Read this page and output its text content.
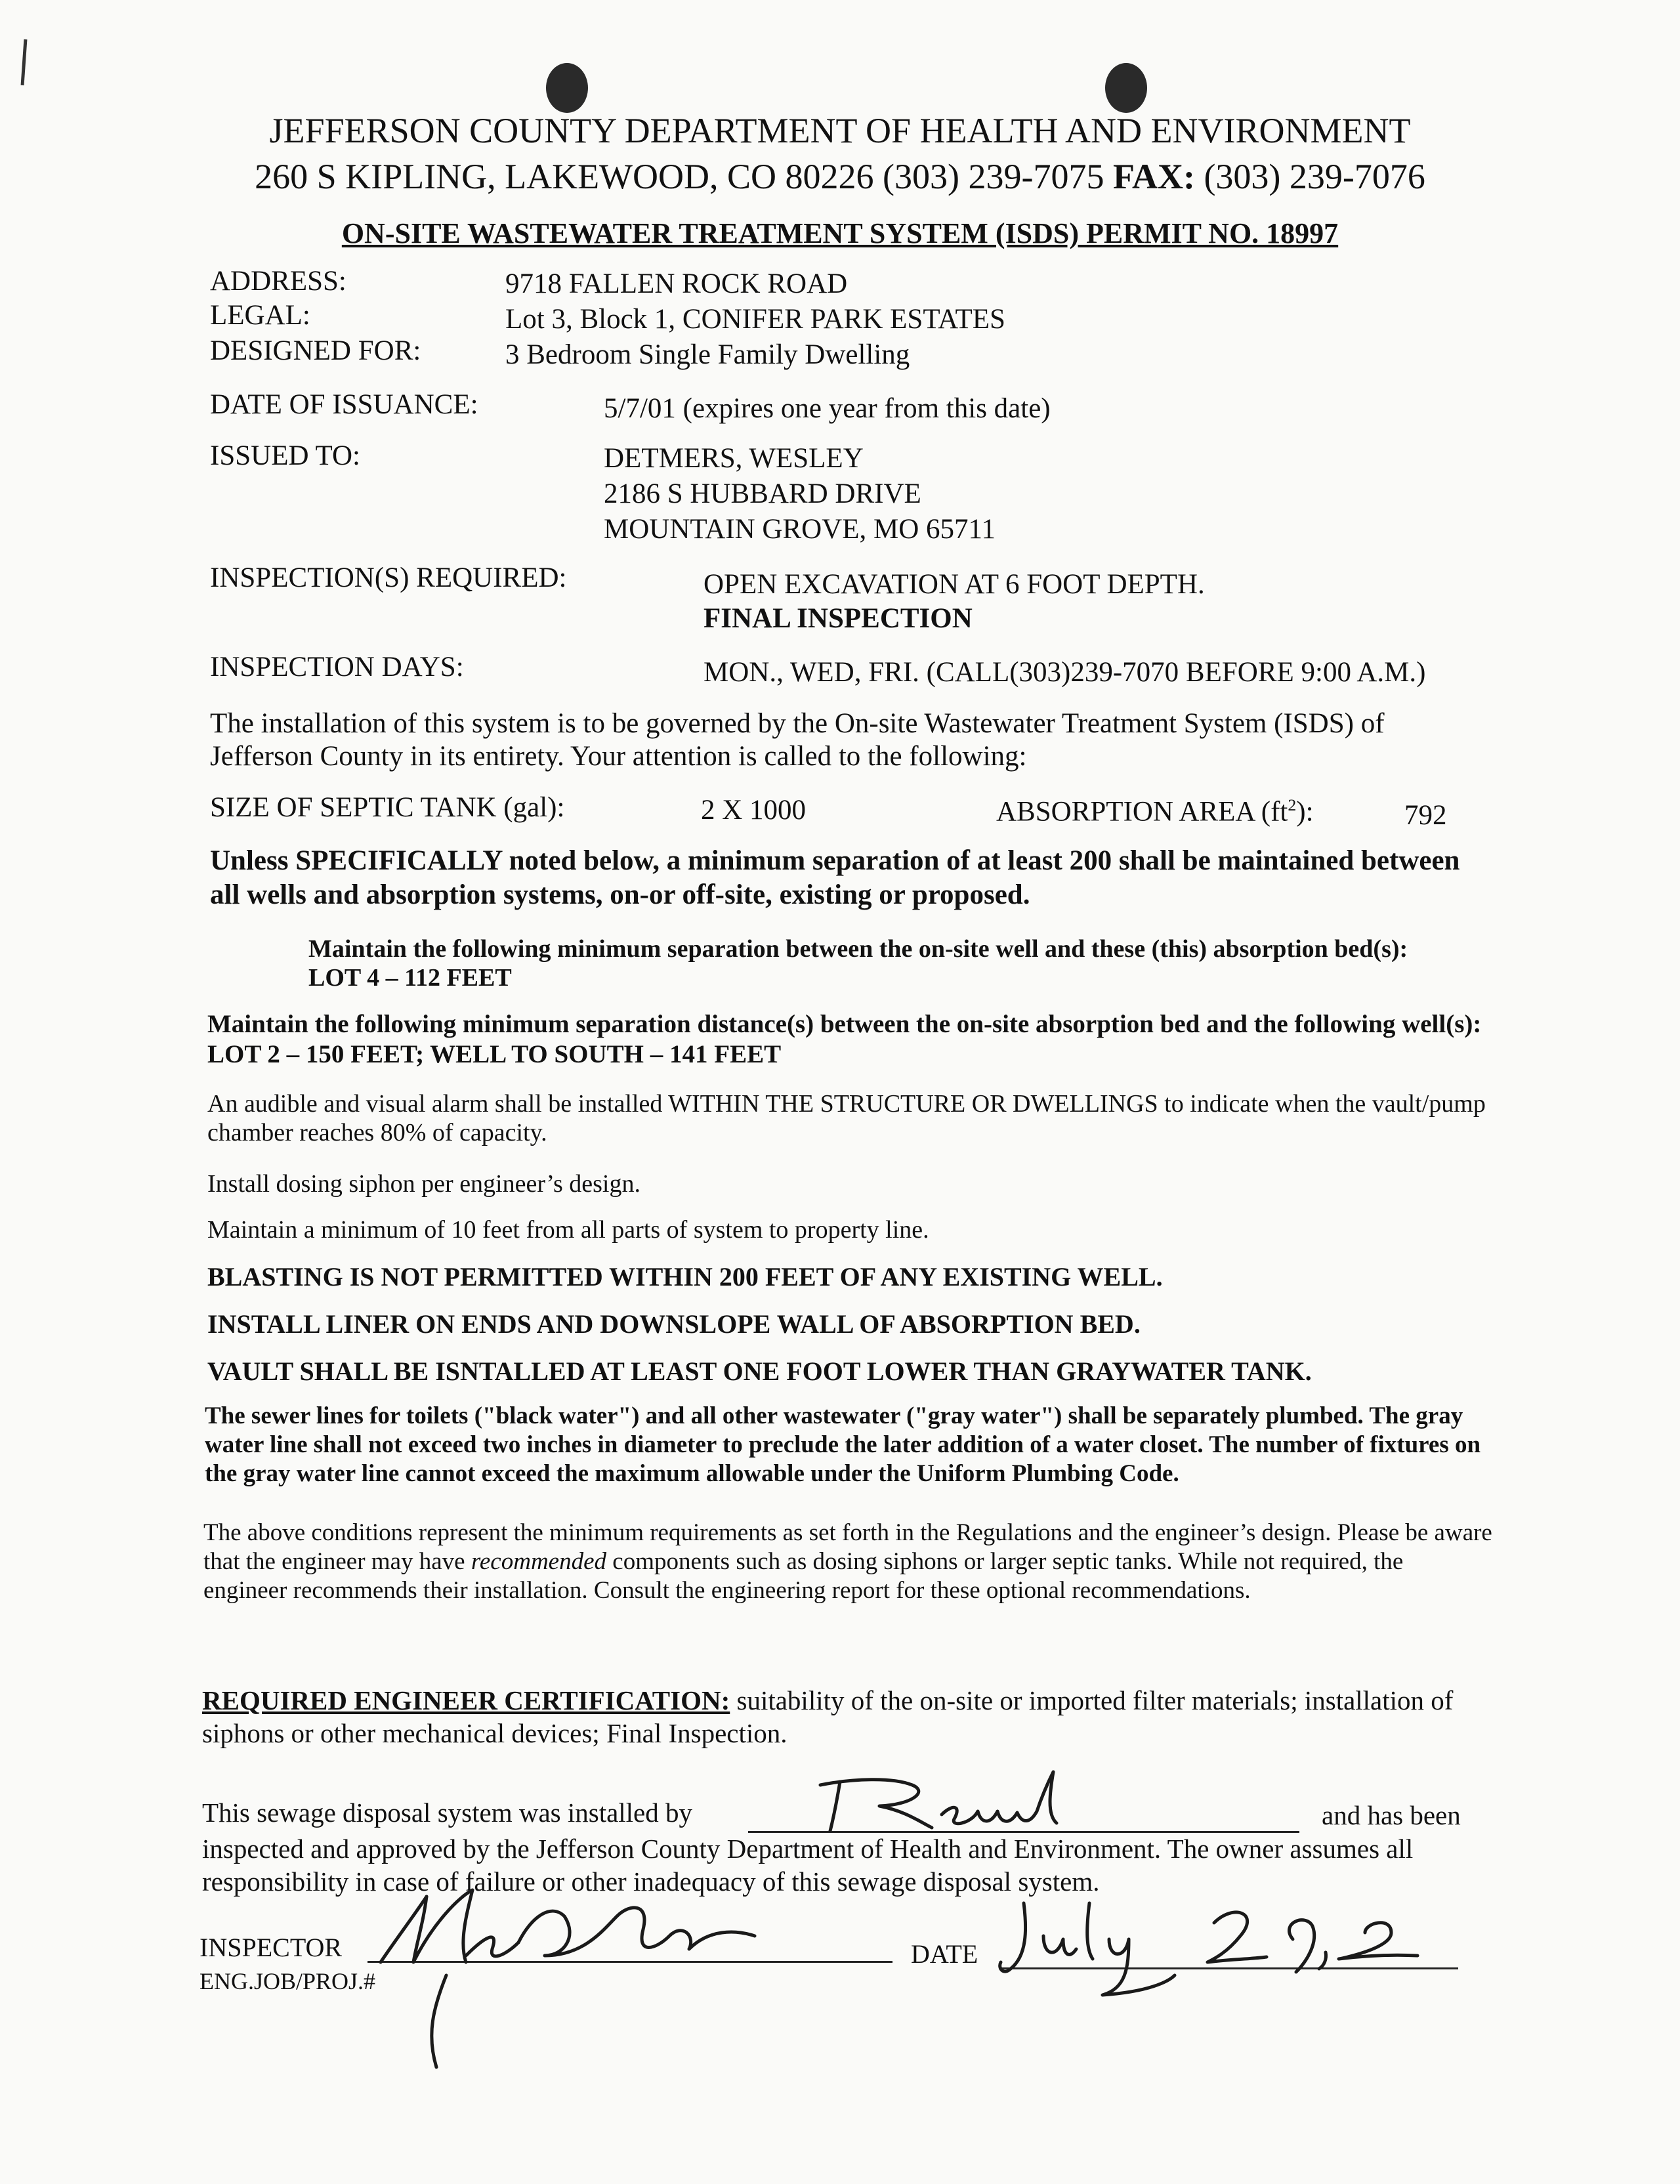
JEFFERSON COUNTY DEPARTMENT OF HEALTH AND ENVIRONMENT
260 S KIPLING, LAKEWOOD, CO 80226 (303) 239-7075 FAX: (303) 239-7076
ON-SITE WASTEWATER TREATMENT SYSTEM (ISDS) PERMIT NO. 18997
ADDRESS:	9718 FALLEN ROCK ROAD
LEGAL:	Lot 3, Block 1, CONIFER PARK ESTATES
DESIGNED FOR:	3 Bedroom Single Family Dwelling
DATE OF ISSUANCE:	5/7/01 (expires one year from this date)
ISSUED TO:	DETMERS, WESLEY
2186 S HUBBARD DRIVE
MOUNTAIN GROVE, MO 65711
INSPECTION(S) REQUIRED:	OPEN EXCAVATION AT 6 FOOT DEPTH.
FINAL INSPECTION
INSPECTION DAYS:	MON., WED, FRI. (CALL(303)239-7070 BEFORE 9:00 A.M.)
The installation of this system is to be governed by the On-site Wastewater Treatment System (ISDS) of Jefferson County in its entirety. Your attention is called to the following:
SIZE OF SEPTIC TANK (gal):	2 X 1000	ABSORPTION AREA $(ft^2)$:	792
Unless SPECIFICALLY noted below, a minimum separation of at least 200 shall be maintained between all wells and absorption systems, on-or off-site, existing or proposed.
Maintain the following minimum separation between the on-site well and these (this) absorption bed(s):
LOT 4 – 112 FEET
Maintain the following minimum separation distance(s) between the on-site absorption bed and the following well(s): LOT 2 – 150 FEET; WELL TO SOUTH – 141 FEET
An audible and visual alarm shall be installed WITHIN THE STRUCTURE OR DWELLINGS to indicate when the vault/pump chamber reaches 80% of capacity.
Install dosing siphon per engineer’s design.
Maintain a minimum of 10 feet from all parts of system to property line.
BLASTING IS NOT PERMITTED WITHIN 200 FEET OF ANY EXISTING WELL.
INSTALL LINER ON ENDS AND DOWNSLOPE WALL OF ABSORPTION BED.
VAULT SHALL BE ISNTALLED AT LEAST ONE FOOT LOWER THAN GRAYWATER TANK.
The sewer lines for toilets ("black water") and all other wastewater ("gray water") shall be separately plumbed. The gray water line shall not exceed two inches in diameter to preclude the later addition of a water closet. The number of fixtures on the gray water line cannot exceed the maximum allowable under the Uniform Plumbing Code.
The above conditions represent the minimum requirements as set forth in the Regulations and the engineer’s design. Please be aware that the engineer may have recommended components such as dosing siphons or larger septic tanks. While not required, the engineer recommends their installation. Consult the engineering report for these optional recommendations.
REQUIRED ENGINEER CERTIFICATION: suitability of the on-site or imported filter materials; installation of siphons or other mechanical devices; Final Inspection.
This sewage disposal system was installed by	and has been
inspected and approved by the Jefferson County Department of Health and Environment. The owner assumes all responsibility in case of failure or other inadequacy of this sewage disposal system.
INSPECTOR	DATE
ENG.JOB/PROJ.#
